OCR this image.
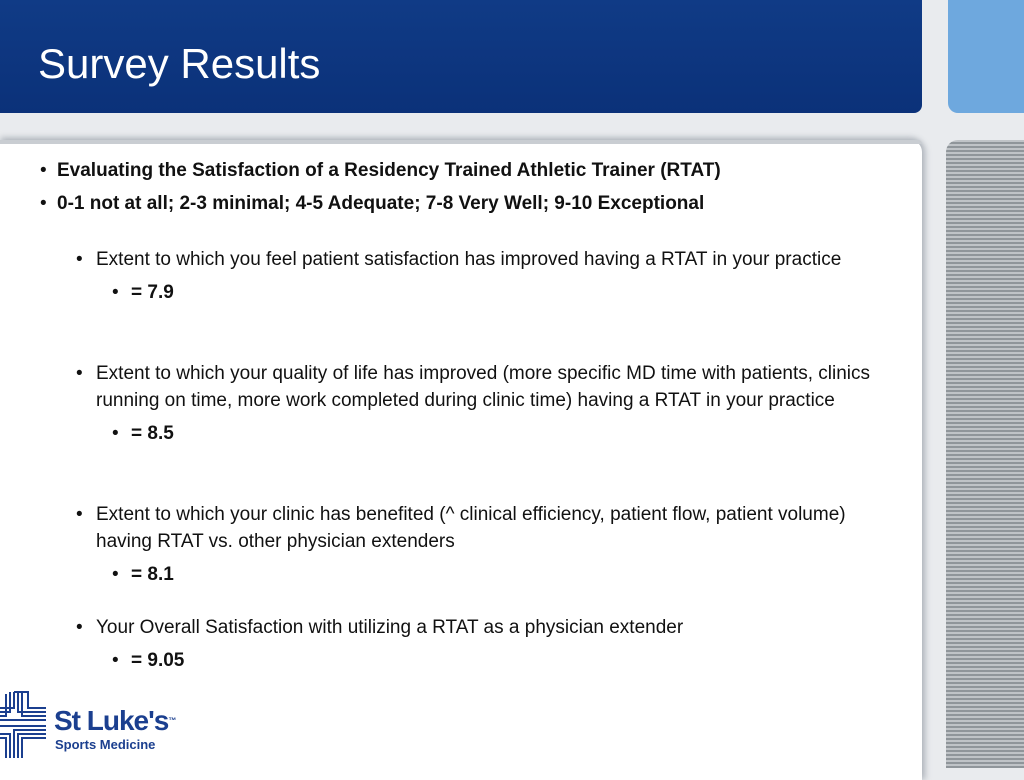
Survey Results
• Evaluating the Satisfaction of a Residency Trained Athletic Trainer (RTAT)
• 0-1 not at all; 2-3 minimal; 4-5 Adequate; 7-8 Very Well; 9-10 Exceptional
• Extent to which you feel patient satisfaction has improved having a RTAT in your practice
• = 7.9
• Extent to which your quality of life has improved (more specific MD time with patients, clinics running on time, more work completed during clinic time) having a RTAT in your practice
• = 8.5
• Extent to which your clinic has benefited (^ clinical efficiency, patient flow, patient volume) having RTAT vs. other physician extenders
• = 8.1
• Your Overall Satisfaction with utilizing a RTAT as a physician extender
• = 9.05
St Luke's™
Sports Medicine
